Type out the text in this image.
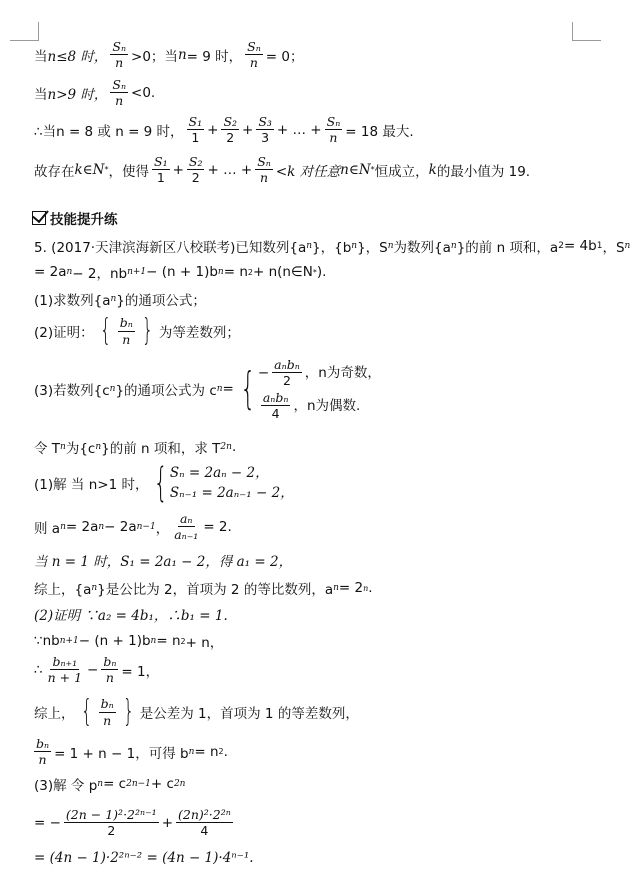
当 n≤8 时， $\frac{\text{Sₙ}}{n} >0$；当 n = 9 时， $\frac{\text{Sₙ}}{n} = 0$；
当 n>9 时， $\frac{\text{Sₙ}}{n} <0$.
∴当 n = 8 或 n = 9 时， $\frac{\text{S₁}}{1} + \frac{\text{S₂}}{2} + \frac{\text{S₃}}{3}$ + … + $\frac{\text{Sₙ}}{n} = 18$ 最大.
故存在 k∈N * ，使得 $\frac{\text{S₁}}{1} + \frac{\text{S₂}}{2}$ + … + $\frac{\text{Sₙ}}{n} <k$ 对任意 n∈N * 恒成立， k 的最小值为 19.
技能提升练
5. (2017·天津滨海新区八校联考)已知数列{a n }，{b n }，S n 为数列{a n }的前 n 项和，a 2 = 4b 1 ，S n
= 2a n − 2，nb n+1 − (n + 1)b n = n 2 + n(n∈N * ).
(1)求数列{a n }的通项公式；
(2)证明： { $\frac{\text{bₙ}}{n}$ } 为等差数列；
(3)若数列{c n }的通项公式为 c n = { − $\frac{\text{aₙbₙ}}{2}$ ，n为奇数，
$\frac{\text{aₙbₙ}}{4}$ ，n为偶数.
令 T n 为{c n }的前 n 项和，求 T 2n .
(1)解 当 n>1 时， { Sₙ = 2aₙ − 2，
Sₙ₋₁ = 2aₙ₋₁ − 2，
则 a n = 2a n − 2a n−1 ， $\frac{\text{aₙ}}{\text{aₙ₋₁}} = 2$.
当 n = 1 时，S₁ = 2a₁ − 2，得 a₁ = 2，
综上，{a n }是公比为 2，首项为 2 的等比数列，a n = 2 n .
(2)证明 ∵a₂ = 4b₁，∴b₁ = 1.
∵nb n+1 − (n + 1)b n = n 2 + n，
∴ $\frac{\text{bₙ₊₁}}{n + 1} - \frac{\text{bₙ}}{n} = 1$，
综上， { $\frac{\text{bₙ}}{n}$ } 是公差为 1，首项为 1 的等差数列，
$\frac{\text{bₙ}}{n} = 1 + n - 1$，可得 b n = n 2 .
(3)解 令 p n = c 2n−1 + c 2n
= − $\frac{\text{(2n − 1)²·2²ⁿ⁻¹}}{2} + \frac{\text{(2n)²·2²ⁿ}}{4}$
= (4n − 1)·2²ⁿ⁻² = (4n − 1)·4ⁿ⁻¹.
